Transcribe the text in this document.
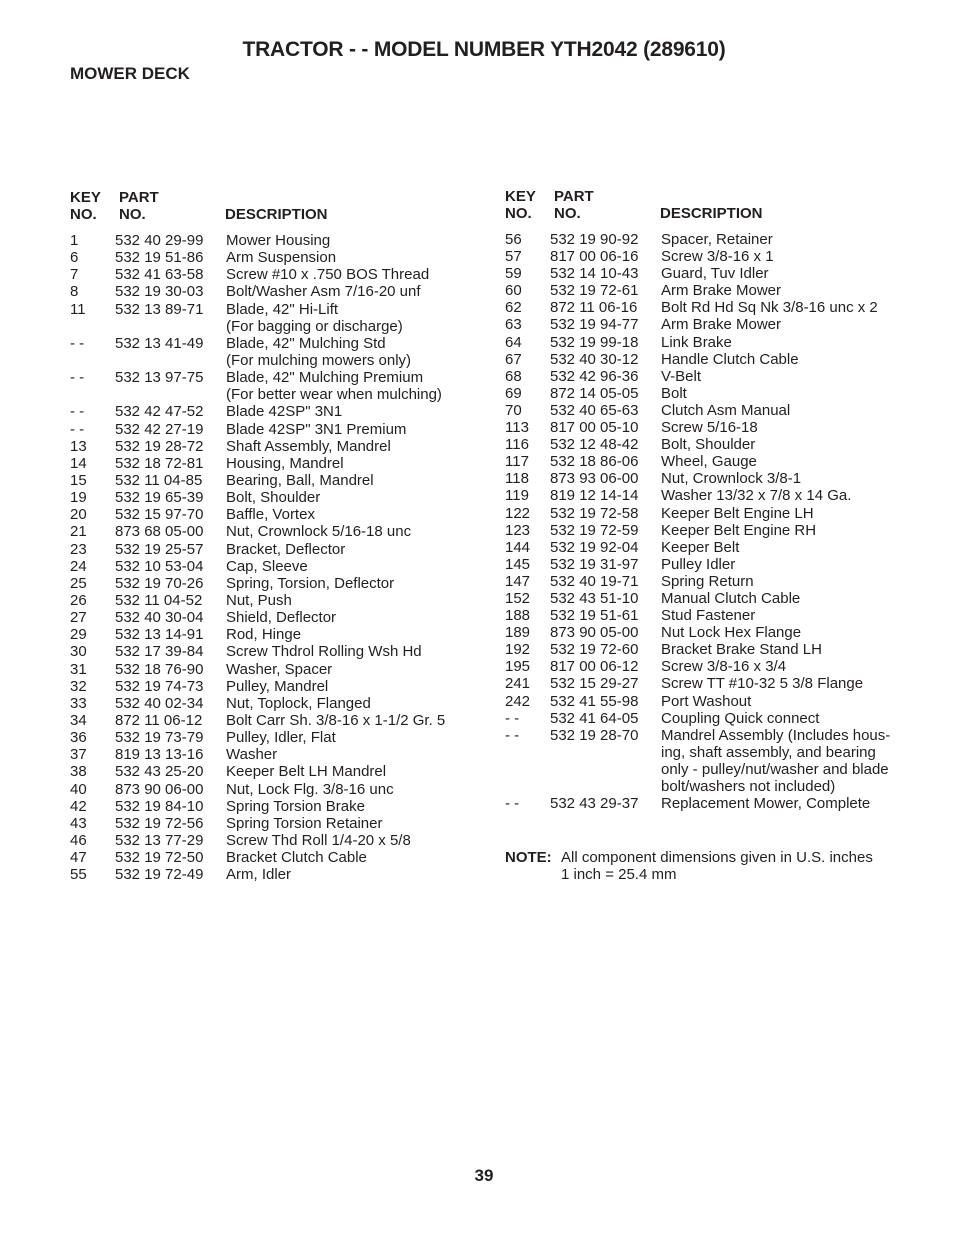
TRACTOR - - MODEL NUMBER YTH2042 (289610)
MOWER DECK
KEY
NO.
PART
NO.	DESCRIPTION
KEY
NO.
PART
NO.	DESCRIPTION
1 532 40 29-99 Mower Housing
6 532 19 51-86 Arm Suspension
7 532 41 63-58 Screw #10 x .750 BOS Thread
8 532 19 30-03 Bolt/Washer Asm 7/16-20 unf
11 532 13 89-71 Blade, 42" Hi-Lift
(For bagging or discharge)
- - 532 13 41-49 Blade, 42" Mulching Std
(For mulching mowers only)
- - 532 13 97-75 Blade, 42" Mulching Premium
(For better wear when mulching)
- - 532 42 47-52 Blade 42SP" 3N1
- - 532 42 27-19 Blade 42SP" 3N1 Premium
13 532 19 28-72 Shaft Assembly, Mandrel
14 532 18 72-81 Housing, Mandrel
15 532 11 04-85 Bearing, Ball, Mandrel
19 532 19 65-39 Bolt, Shoulder
20 532 15 97-70 Baffle, Vortex
21 873 68 05-00 Nut, Crownlock 5/16-18 unc
23 532 19 25-57 Bracket, Deflector
24 532 10 53-04 Cap, Sleeve
25 532 19 70-26 Spring, Torsion, Deflector
26 532 11 04-52 Nut, Push
27 532 40 30-04 Shield, Deflector
29 532 13 14-91 Rod, Hinge
30 532 17 39-84 Screw Thdrol Rolling Wsh Hd
31 532 18 76-90 Washer, Spacer
32 532 19 74-73 Pulley, Mandrel
33 532 40 02-34 Nut, Toplock, Flanged
34 872 11 06-12 Bolt Carr Sh. 3/8-16 x 1-1/2 Gr. 5
36 532 19 73-79 Pulley, Idler, Flat
37 819 13 13-16 Washer
38 532 43 25-20 Keeper Belt LH Mandrel
40 873 90 06-00 Nut, Lock Flg. 3/8-16 unc
42 532 19 84-10 Spring Torsion Brake
43 532 19 72-56 Spring Torsion Retainer
46 532 13 77-29 Screw Thd Roll 1/4-20 x 5/8
47 532 19 72-50 Bracket Clutch Cable
55 532 19 72-49 Arm, Idler
56 532 19 90-92 Spacer, Retainer
57 817 00 06-16 Screw 3/8-16 x 1
59 532 14 10-43 Guard, Tuv Idler
60 532 19 72-61 Arm Brake Mower
62 872 11 06-16 Bolt Rd Hd Sq Nk 3/8-16 unc x 2
63 532 19 94-77 Arm Brake Mower
64 532 19 99-18 Link Brake
67 532 40 30-12 Handle Clutch Cable
68 532 42 96-36 V-Belt
69 872 14 05-05 Bolt
70 532 40 65-63 Clutch Asm Manual
113 817 00 05-10 Screw 5/16-18
116 532 12 48-42 Bolt, Shoulder
117 532 18 86-06 Wheel, Gauge
118 873 93 06-00 Nut, Crownlock 3/8-1
119 819 12 14-14 Washer 13/32 x 7/8 x 14 Ga.
122 532 19 72-58 Keeper Belt Engine LH
123 532 19 72-59 Keeper Belt Engine RH
144 532 19 92-04 Keeper Belt
145 532 19 31-97 Pulley Idler
147 532 40 19-71 Spring Return
152 532 43 51-10 Manual Clutch Cable
188 532 19 51-61 Stud Fastener
189 873 90 05-00 Nut Lock Hex Flange
192 532 19 72-60 Bracket Brake Stand LH
195 817 00 06-12 Screw 3/8-16 x 3/4
241 532 15 29-27 Screw TT #10-32 5 3/8 Flange
242 532 41 55-98 Port Washout
- - 532 41 64-05 Coupling Quick connect
- - 532 19 28-70 Mandrel Assembly (Includes hous-
ing, shaft assembly, and bearing
only - pulley/nut/washer and blade
bolt/washers not included)
- - 532 43 29-37 Replacement Mower, Complete
NOTE: All component dimensions given in U.S. inches
1 inch = 25.4 mm
39
